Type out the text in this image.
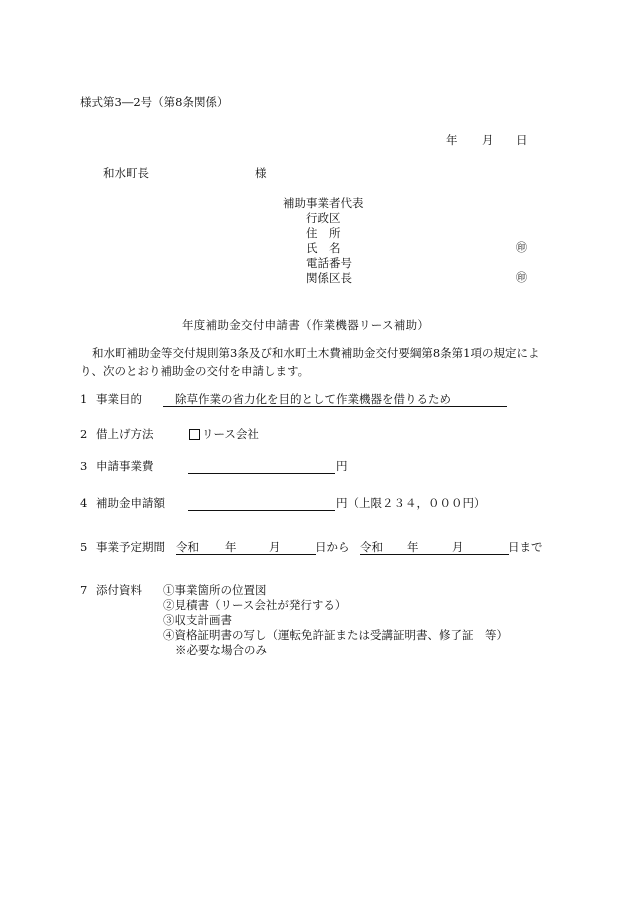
様式第3―2号（第8条関係）
年 月 日
和水町長	様
補助事業者代表
行政区
住　所
氏　名	㊞
電話番号
関係区長	㊞
年度補助金交付申請書（作業機器リース補助）
和水町補助金等交付規則第3条及び和水町土木費補助金交付要綱第8条第1項の規定により、次のとおり補助金の交付を申請します。
1 事業目的	除草作業の省力化を目的として作業機器を借りるため
2 借上げ方法	リース会社
3 申請事業費	円
4 補助金申請額	円（上限２３４，０００円）
5 事業予定期間 令和 年	月	日から 令和 年	月	日まで
7 添付資料 ①事業箇所の位置図
②見積書（リース会社が発行する）
③収支計画書
④資格証明書の写し（運転免許証または受講証明書、修了証　等）
※必要な場合のみ
